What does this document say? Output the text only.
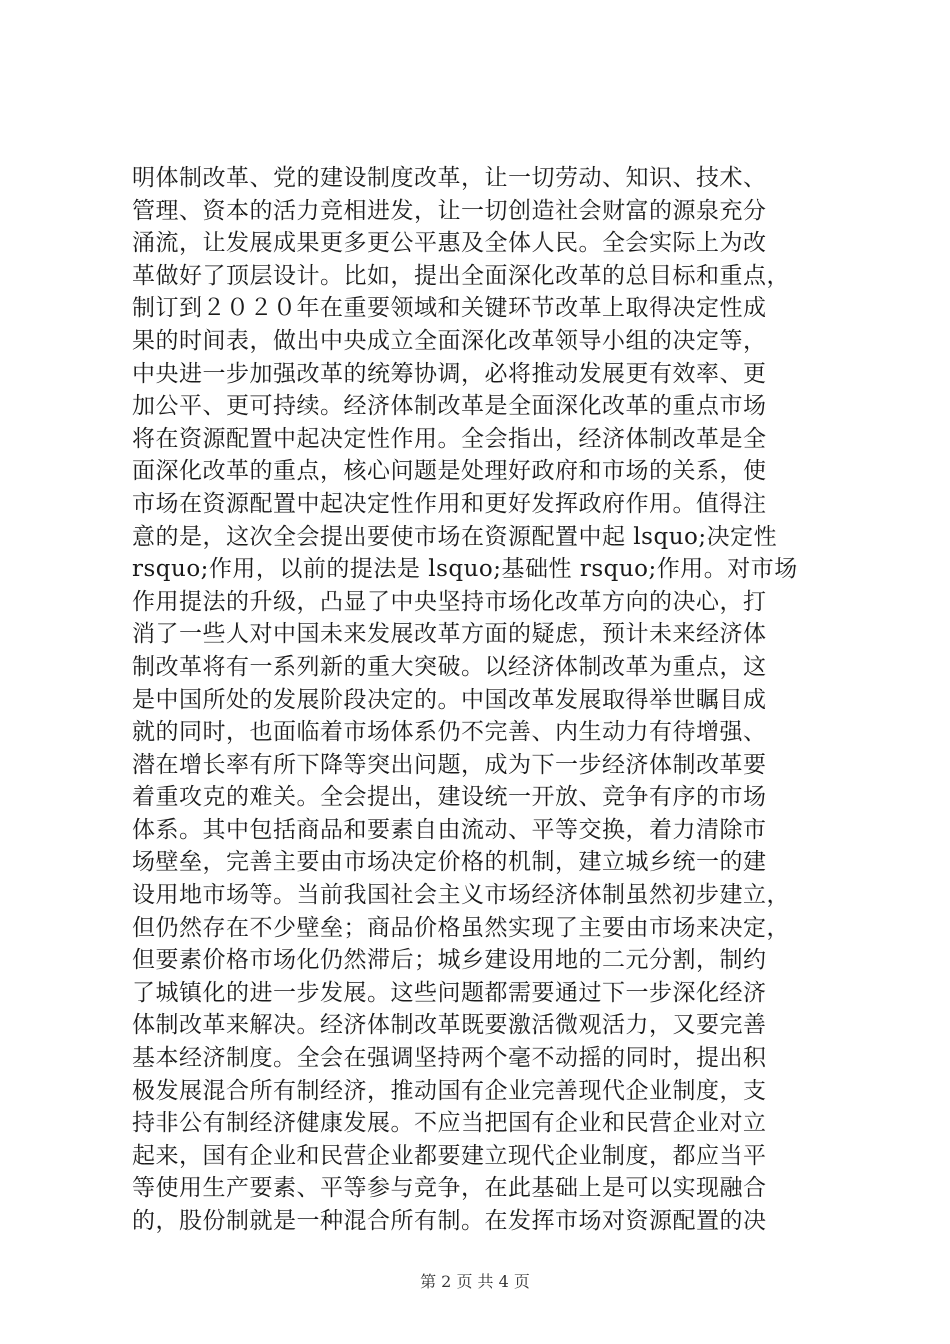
明体制改革、党的建设制度改革，让一切劳动、知识、技术、
管理、资本的活力竞相进发，让一切创造社会财富的源泉充分
涌流，让发展成果更多更公平惠及全体人民。全会实际上为改
革做好了顶层设计。比如，提出全面深化改革的总目标和重点，
制订到２０２０年在重要领域和关键环节改革上取得决定性成
果的时间表，做出中央成立全面深化改革领导小组的决定等，
中央进一步加强改革的统筹协调，必将推动发展更有效率、更
加公平、更可持续。经济体制改革是全面深化改革的重点市场
将在资源配置中起决定性作用。全会指出，经济体制改革是全
面深化改革的重点，核心问题是处理好政府和市场的关系，使
市场在资源配置中起决定性作用和更好发挥政府作用。值得注
意的是，这次全会提出要使市场在资源配置中起 lsquo;决定性
rsquo;作用，以前的提法是 lsquo;基础性 rsquo;作用。对市场
作用提法的升级，凸显了中央坚持市场化改革方向的决心，打
消了一些人对中国未来发展改革方面的疑虑，预计未来经济体
制改革将有一系列新的重大突破。以经济体制改革为重点，这
是中国所处的发展阶段决定的。中国改革发展取得举世瞩目成
就的同时，也面临着市场体系仍不完善、内生动力有待增强、
潜在增长率有所下降等突出问题，成为下一步经济体制改革要
着重攻克的难关。全会提出，建设统一开放、竞争有序的市场
体系。其中包括商品和要素自由流动、平等交换，着力清除市
场壁垒，完善主要由市场决定价格的机制，建立城乡统一的建
设用地市场等。当前我国社会主义市场经济体制虽然初步建立，
但仍然存在不少壁垒；商品价格虽然实现了主要由市场来决定，
但要素价格市场化仍然滞后；城乡建设用地的二元分割，制约
了城镇化的进一步发展。这些问题都需要通过下一步深化经济
体制改革来解决。经济体制改革既要激活微观活力，又要完善
基本经济制度。全会在强调坚持两个毫不动摇的同时，提出积
极发展混合所有制经济，推动国有企业完善现代企业制度，支
持非公有制经济健康发展。不应当把国有企业和民营企业对立
起来，国有企业和民营企业都要建立现代企业制度，都应当平
等使用生产要素、平等参与竞争，在此基础上是可以实现融合
的，股份制就是一种混合所有制。在发挥市场对资源配置的决
第 2 页 共 4 页
